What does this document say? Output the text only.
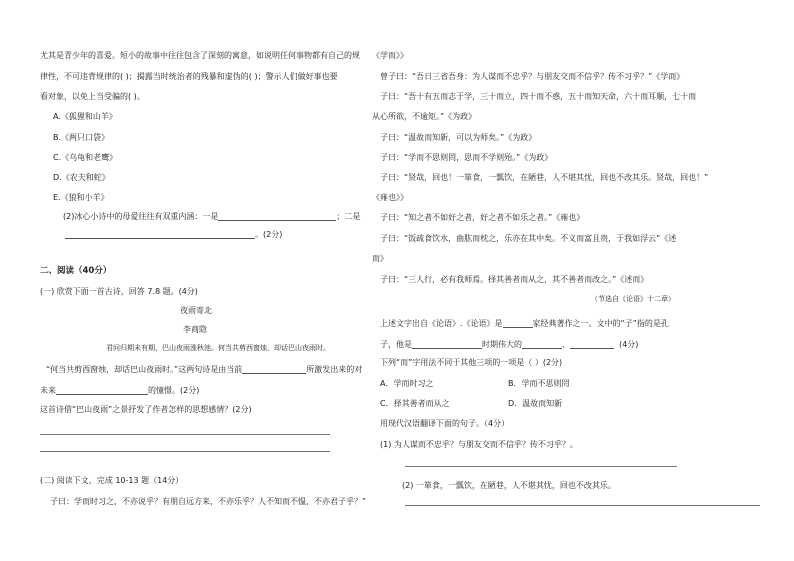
尤其是青少年的喜爱。短小的故事中往往包含了深刻的寓意，如说明任何事物都有自己的规
律性，不可违背规律的( )；揭露当时统治者的残暴和虚伪的( )；警示人们做好事也要
看对象，以免上当受骗的( )。
A.《狐狸和山羊》
B.《两只口袋》
C.《乌龟和老鹰》
D.《农夫和蛇》
E.《狼和小羊》
(2)冰心小诗中的母爱往往有双重内涵：一是	；二是
。(2分)
二、阅读（40分）
(一) 欣赏下面一首古诗，回答 7.8 题。(4分)
夜雨寄北
李商隐
君问归期未有期，巴山夜雨涨秋池。何当共剪西窗烛，却话巴山夜雨时。
“何当共剪西窗烛，却话巴山夜雨时。”这两句诗是由当前	所激发出来的对
未来	的憧憬。(2分)
这首诗借“巴山夜雨”之景抒发了作者怎样的思想感情？(2分)
(二) 阅读下文，完成 10-13 题（14分）
子曰：学而时习之，不亦说乎？有朋自远方来，不亦乐乎？人不知而不愠，不亦君子乎？”
《学而》》
曾子曰：“吾日三省吾身：为人谋而不忠乎？与朋友交而不信乎？传不习乎？”《学而》
子曰：“吾十有五而志于学，三十而立，四十而不惑，五十而知天命，六十而耳顺，七十而
从心所欲，不逾矩。”《为政》
子曰：“温故而知新，可以为师矣。”《为政》
子曰：“学而不思则罔，思而不学则殆。”《为政》
子曰：“贤哉，回也！一箪食，一瓢饮，在陋巷，人不堪其忧，回也不改其乐。贤哉，回也！”
《雍也》》
子曰：“知之者不如好之者，好之者不如乐之者。”《雍也》
子曰：“饭疏食饮水，曲肱而枕之，乐亦在其中矣。不义而富且贵，于我如浮云”《述
而》
子曰：“三人行，必有我师焉。择其善者而从之，其不善者而改之。”《述而》
（节选自《论语》十二章）
上述文字出自《论语》.《论语》是	家经典著作之一。文中的“子”指的是孔
子，他是	时期伟大的	、	(4分)
下列“而”字用法不同于其他三项的一项是（ ）(2分)
A．学而时习之	B．学而不思则罔
C．择其善者而从之	D．温故而知新
用现代汉语翻译下面的句子。（4分）
(1) 为人谋而不忠乎？与朋友交而不信乎？传不习乎？。
(2) 一箪食，一瓢饮，在陋巷，人不堪其忧，回也不改其乐。
